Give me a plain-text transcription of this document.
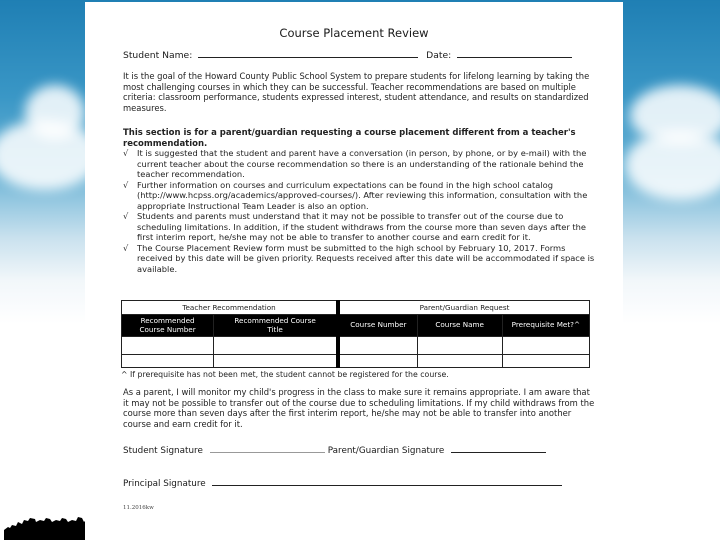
Course Placement Review
Student Name:	Date:
It is the goal of the Howard County Public School System to prepare students for lifelong learning by taking the most challenging courses in which they can be successful. Teacher recommendations are based on multiple criteria: classroom performance, students expressed interest, student attendance, and results on standardized measures.
This section is for a parent/guardian requesting a course placement different from a teacher's recommendation.
√	It is suggested that the student and parent have a conversation (in person, by phone, or by e-mail) with the current teacher about the course recommendation so there is an understanding of the rationale behind the teacher recommendation.
√	Further information on courses and curriculum expectations can be found in the high school catalog (http://www.hcpss.org/academics/approved-courses/). After reviewing this information, consultation with the appropriate Instructional Team Leader is also an option.
√	Students and parents must understand that it may not be possible to transfer out of the course due to scheduling limitations. In addition, if the student withdraws from the course more than seven days after the first interim report, he/she may not be able to transfer to another course and earn credit for it.
√	The Course Placement Review form must be submitted to the high school by February 10, 2017. Forms received by this date will be given priority. Requests received after this date will be accommodated if space is available.
Teacher Recommendation		Parent/Guardian Request		
Recommended Course Number	Recommended Course Title	Course Number	Course Name	Prerequisite Met?^

^ If prerequisite has not been met, the student cannot be registered for the course.
As a parent, I will monitor my child's progress in the class to make sure it remains appropriate. I am aware that it may not be possible to transfer out of the course due to scheduling limitations. If my child withdraws from the course more than seven days after the first interim report, he/she may not be able to transfer into another course and earn credit for it.
Student Signature	Parent/Guardian Signature
Principal Signature
11.2016kw
